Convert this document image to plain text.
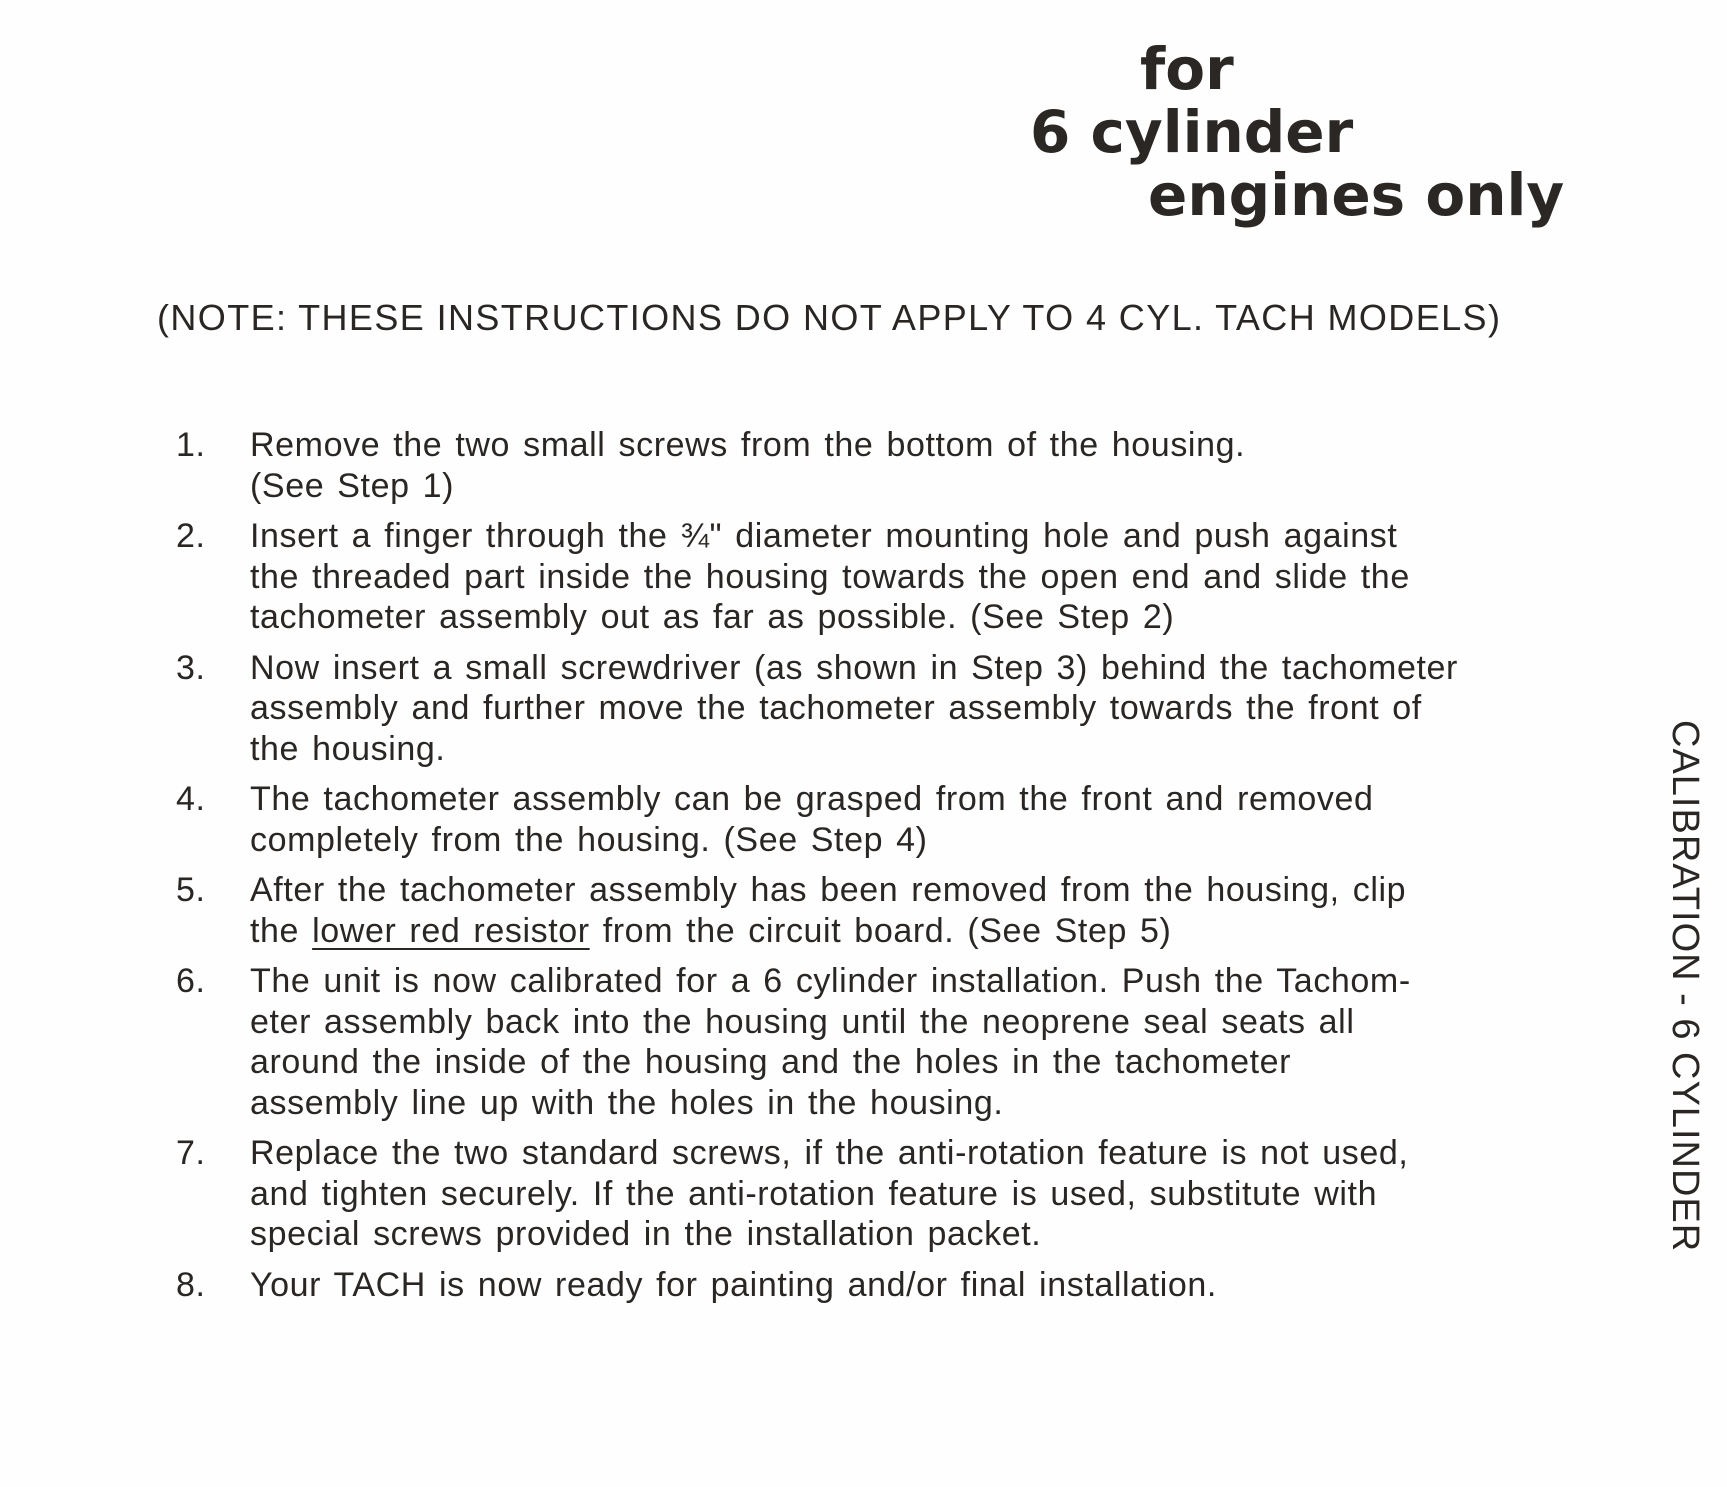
for
6 cylinder
engines only
(NOTE: THESE INSTRUCTIONS DO NOT APPLY TO 4 CYL. TACH MODELS)
1.	Remove the two small screws from the bottom of the housing.
(See Step 1)
2.	Insert a finger through the ¾" diameter mounting hole and push against
the threaded part inside the housing towards the open end and slide the
tachometer assembly out as far as possible. (See Step 2)
3.	Now insert a small screwdriver (as shown in Step 3) behind the tachometer
assembly and further move the tachometer assembly towards the front of
the housing.
4.	The tachometer assembly can be grasped from the front and removed
completely from the housing. (See Step 4)
5.	After the tachometer assembly has been removed from the housing, clip
the lower red resistor from the circuit board. (See Step 5)
6.	The unit is now calibrated for a 6 cylinder installation. Push the Tachom-
eter assembly back into the housing until the neoprene seal seats all
around the inside of the housing and the holes in the tachometer
assembly line up with the holes in the housing.
7.	Replace the two standard screws, if the anti-rotation feature is not used,
and tighten securely. If the anti-rotation feature is used, substitute with
special screws provided in the installation packet.
8.	Your TACH is now ready for painting and/or final installation.
CALIBRATION - 6 CYLINDER
